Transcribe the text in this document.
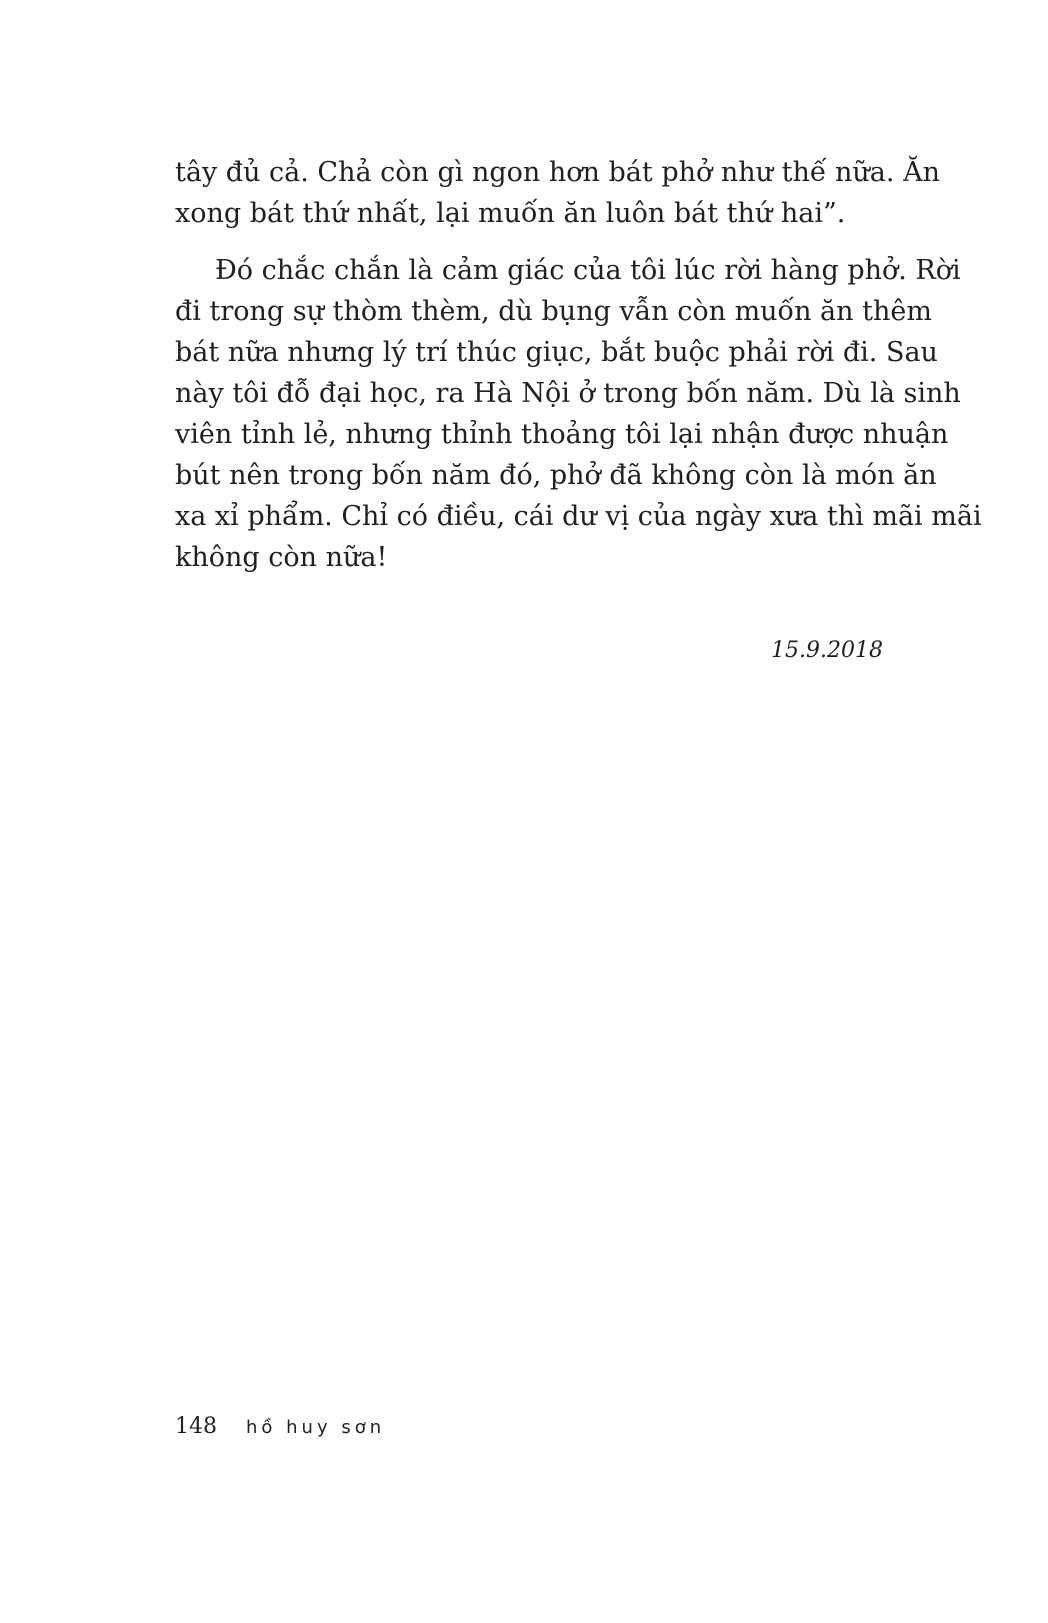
tây đủ cả. Chả còn gì ngon hơn bát phở như thế nữa. Ăn
xong bát thứ nhất, lại muốn ăn luôn bát thứ hai”.

Đó chắc chắn là cảm giác của tôi lúc rời hàng phở. Rời
đi trong sự thòm thèm, dù bụng vẫn còn muốn ăn thêm
bát nữa nhưng lý trí thúc giục, bắt buộc phải rời đi. Sau
này tôi đỗ đại học, ra Hà Nội ở trong bốn năm. Dù là sinh
viên tỉnh lẻ, nhưng thỉnh thoảng tôi lại nhận được nhuận
bút nên trong bốn năm đó, phở đã không còn là món ăn
xa xỉ phẩm. Chỉ có điều, cái dư vị của ngày xưa thì mãi mãi
không còn nữa!

15.9.2018
148 hồ huy sơn
